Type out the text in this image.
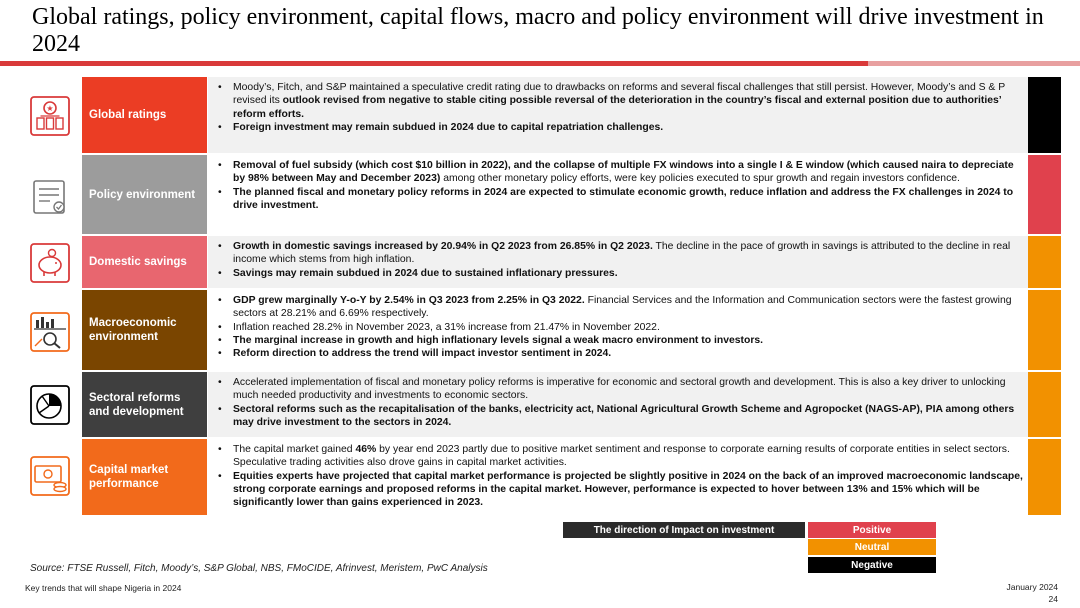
Global ratings, policy environment, capital flows, macro and policy environment will drive investment in 2024
★
Global ratings
• Moody’s, Fitch, and S&P maintained a speculative credit rating due to drawbacks on reforms and several fiscal challenges that still persist. However, Moody’s and S & P revised its outlook revised from negative to stable citing possible reversal of the deterioration in the country’s fiscal and external position due to authorities’ reform efforts.
• Foreign investment may remain subdued in 2024 due to capital repatriation challenges.
Policy environment
• Removal of fuel subsidy (which cost $10 billion in 2022), and the collapse of multiple FX windows into a single I & E window (which caused naira to depreciate by 98% between May and December 2023) among other monetary policy efforts, were key policies executed to spur growth and regain investors confidence.
• The planned fiscal and monetary policy reforms in 2024 are expected to stimulate economic growth, reduce inflation and address the FX challenges in 2024 to drive investment.
Domestic savings
• Growth in domestic savings increased by 20.94% in Q2 2023 from 26.85% in Q2 2023. The decline in the pace of growth in savings is attributed to the decline in real income which stems from high inflation.
• Savings may remain subdued in 2024 due to sustained inflationary pressures.
Macroeconomic environment
• GDP grew marginally Y-o-Y by 2.54% in Q3 2023 from 2.25% in Q3 2022. Financial Services and the Information and Communication sectors were the fastest growing sectors at 28.21% and 6.69% respectively.
• Inflation reached 28.2% in November 2023, a 31% increase from 21.47% in November 2022.
• The marginal increase in growth and high inflationary levels signal a weak macro environment to investors.
• Reform direction to address the trend will impact investor sentiment in 2024.
Sectoral reforms and development
• Accelerated implementation of fiscal and monetary policy reforms is imperative for economic and sectoral growth and development. This is also a key driver to unlocking much needed productivity and investments to economic sectors.
• Sectoral reforms such as the recapitalisation of the banks, electricity act, National Agricultural Growth Scheme and Agropocket (NAGS-AP), PIA among others may drive investment to the sectors in 2024.
Capital market performance
• The capital market gained 46% by year end 2023 partly due to positive market sentiment and response to corporate earning results of corporate entities in select sectors. Speculative trading activities also drove gains in capital market activities.
• Equities experts have projected that capital market performance is projected be slightly positive in 2024 on the back of an improved macroeconomic landscape, strong corporate earnings and proposed reforms in the capital market. However, performance is expected to hover between 13% and 15% which will be significantly lower than gains experienced in 2023.
The direction of Impact on investment	Positive
Neutral
Negative
Source: FTSE Russell, Fitch, Moody’s, S&P Global, NBS, FMoCIDE, Afrinvest, Meristem, PwC Analysis
Key trends that will shape Nigeria in 2024	January 2024
24
